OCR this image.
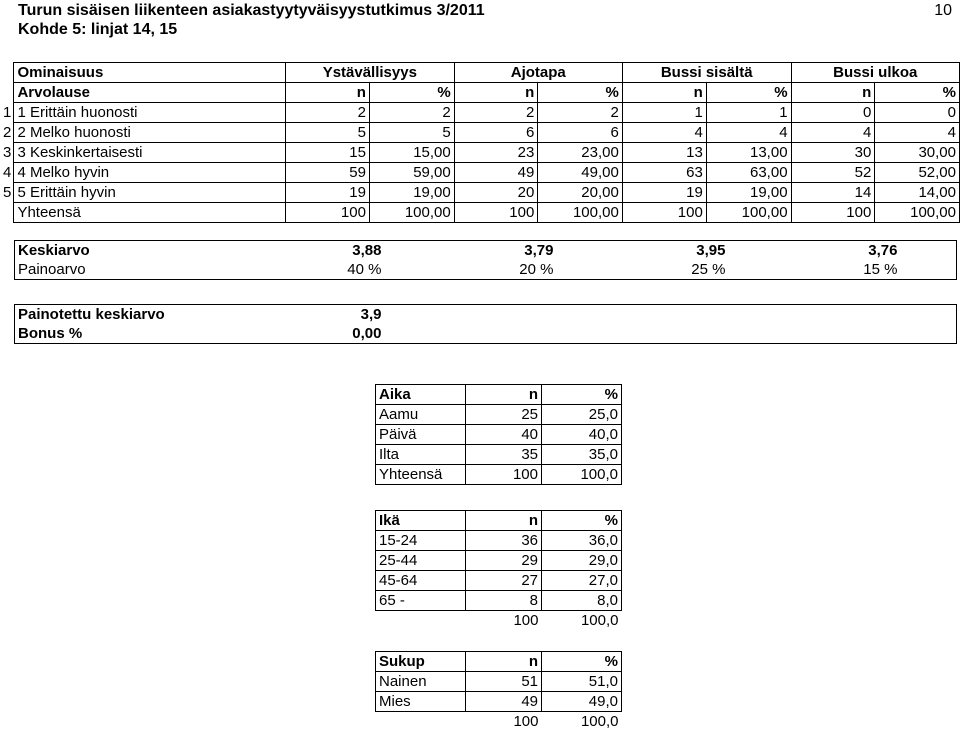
Turun sisäisen liikenteen asiakastyytyväisyystutkimus 3/2011
Kohde 5: linjat 14, 15
10
	Ominaisuus	Ystävällisyys		Ajotapa		Bussi sisältä		Bussi ulkoa	
	Arvolause	n	%	n	%	n	%	n	%
1	1 Erittäin huonosti	2	2	2	2	1	1	0	0
2	2 Melko huonosti	5	5	6	6	4	4	4	4
3	3 Keskinkertaisesti	15	15,00	23	23,00	13	13,00	30	30,00
4	4 Melko hyvin	59	59,00	49	49,00	63	63,00	52	52,00
5	5 Erittäin hyvin	19	19,00	20	20,00	19	19,00	14	14,00
	Yhteensä	100	100,00	100	100,00	100	100,00	100	100,00
Keskiarvo	3,88	3,79	3,95	3,76	
Painoarvo	40 %	20 %	25 %	15 %	
Painotettu keskiarvo	3,9	
Bonus %	0,00	
Aika	n	%
Aamu	25	25,0
Päivä	40	40,0
Ilta	35	35,0
Yhteensä	100	100,0
Ikä	n	%
15-24	36	36,0
25-44	29	29,0
45-64	27	27,0
65 -	8	8,0
	100	100,0
Sukup	n	%
Nainen	51	51,0
Mies	49	49,0
	100	100,0
